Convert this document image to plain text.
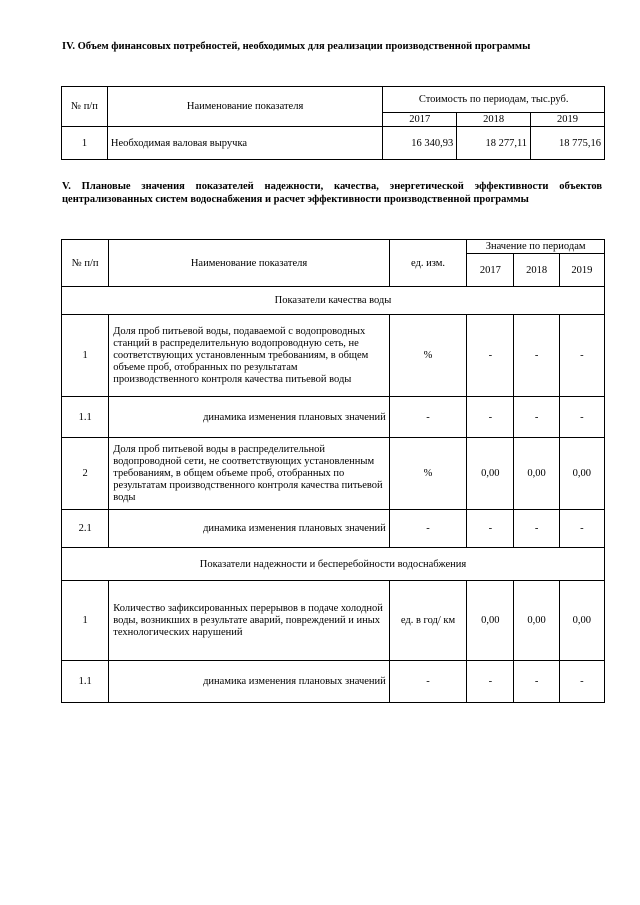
IV. Объем финансовых потребностей, необходимых для реализации производственной программы
№ п/п	Наименование показателя	Стоимость по периодам, тыс.руб.		
		2017	2018	2019
1	Необходимая валовая выручка	16 340,93	18 277,11	18 775,16
V. Плановые значения показателей надежности, качества, энергетической эффективности объектов централизованных систем водоснабжения и расчет эффективности производственной программы
№ п/п	Наименование показателя	ед. изм.	Значение по периодам		
			2017	2018	2019
Показатели качества воды					
1	Доля проб питьевой воды, подаваемой с водопроводных станций в распределительную водопроводную сеть, не соответствующих установленным требованиям, в общем объеме проб, отобранных по результатам производственного контроля качества питьевой воды	%	-	-	-
1.1	динамика изменения плановых значений	-	-	-	-
2	Доля проб питьевой воды в распределительной водопроводной сети, не соответствующих установленным требованиям, в общем объеме проб, отобранных по результатам производственного контроля качества питьевой воды	%	0,00	0,00	0,00
2.1	динамика изменения плановых значений	-	-	-	-
Показатели надежности и бесперебойности водоснабжения					
1	Количество зафиксированных перерывов в подаче холодной воды, возникших в результате аварий, повреждений и иных технологических нарушений	ед. в год/ км	0,00	0,00	0,00
1.1	динамика изменения плановых значений	-	-	-	-
